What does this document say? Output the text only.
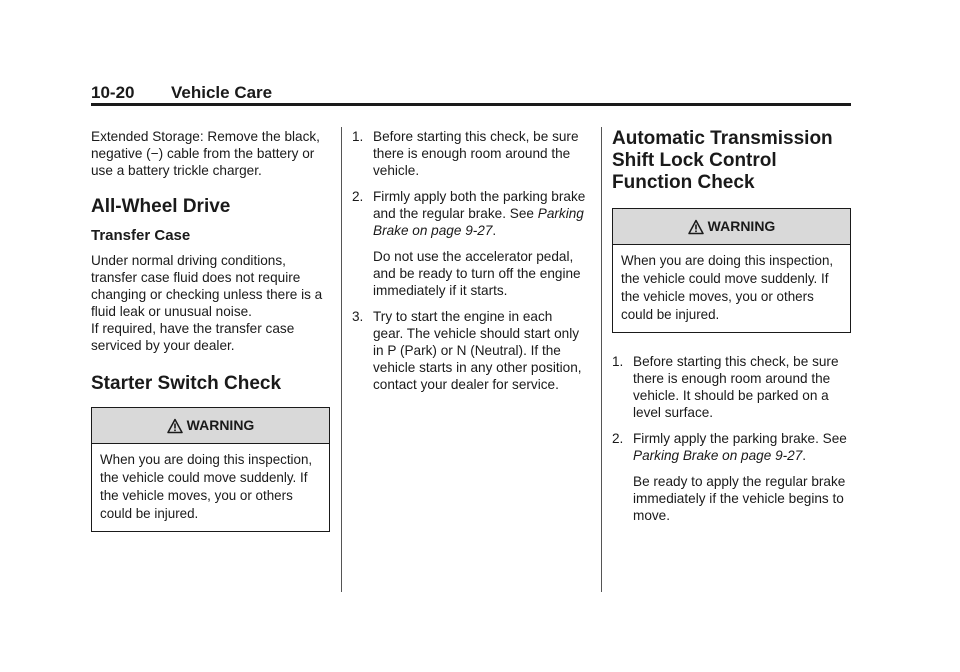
10-20 Vehicle Care

Extended Storage: Remove the black, negative (−) cable from the battery or use a battery trickle charger.

All-Wheel Drive
Transfer Case

Under normal driving conditions, transfer case fluid does not require changing or checking unless there is a fluid leak or unusual noise.

If required, have the transfer case serviced by your dealer.

Starter Switch Check
WARNING
When you are doing this inspection, the vehicle could move suddenly. If the vehicle moves, you or others could be injured.
1. Before starting this check, be sure there is enough room around the vehicle.

2. Firmly apply both the parking brake and the regular brake. See Parking Brake on page 9-27.

Do not use the accelerator pedal, and be ready to turn off the engine immediately if it starts.

3. Try to start the engine in each gear. The vehicle should start only in P (Park) or N (Neutral). If the vehicle starts in any other position, contact your dealer for service.

Automatic Transmission Shift Lock Control Function Check
WARNING
When you are doing this inspection, the vehicle could move suddenly. If the vehicle moves, you or others could be injured.
1. Before starting this check, be sure there is enough room around the vehicle. It should be parked on a level surface.

2. Firmly apply the parking brake. See Parking Brake on page 9-27.

Be ready to apply the regular brake immediately if the vehicle begins to move.
